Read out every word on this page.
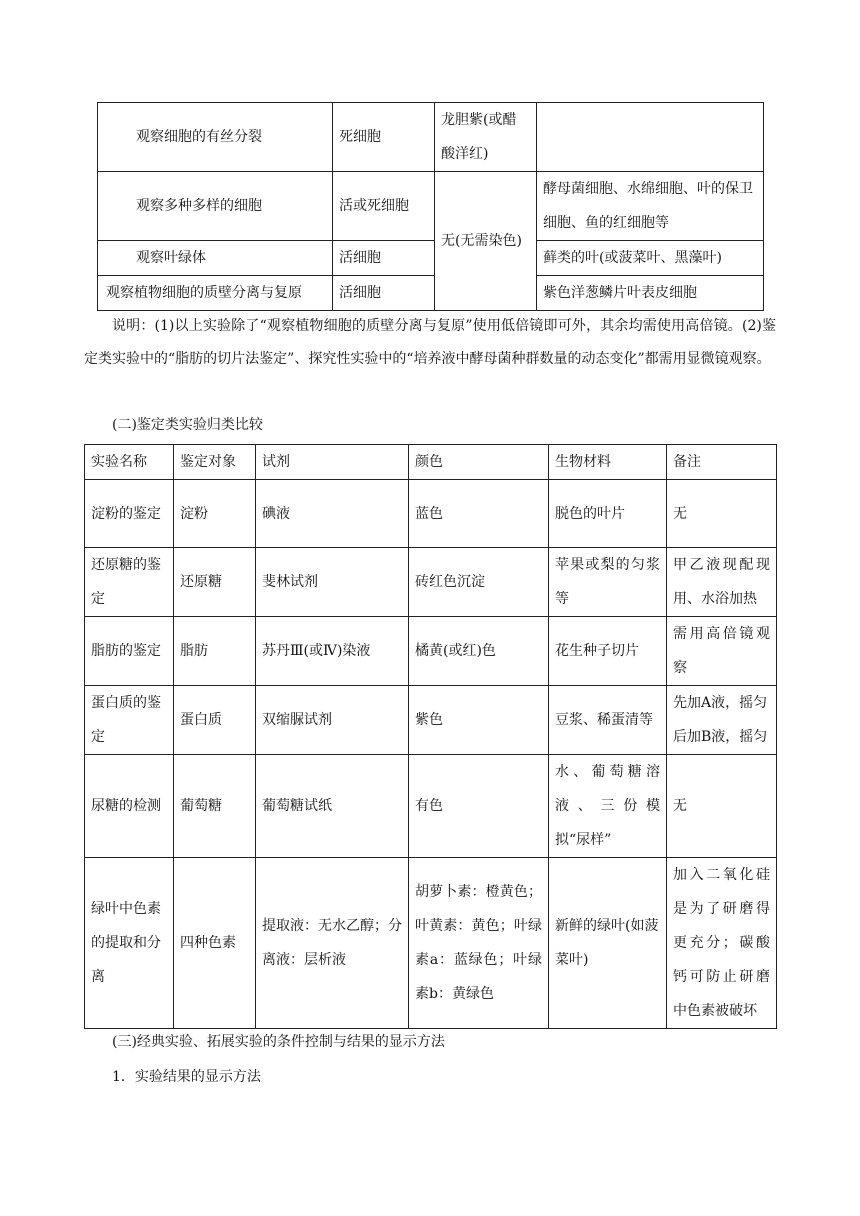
观察细胞的有丝分裂	死细胞	龙胆紫(或醋酸洋红)	
观察多种多样的细胞	活或死细胞	无(无需染色)	酵母菌细胞、水绵细胞、叶的保卫细胞、鱼的红细胞等
观察叶绿体	活细胞		藓类的叶(或菠菜叶、黑藻叶)
观察植物细胞的质壁分离与复原	活细胞		紫色洋葱鳞片叶表皮细胞
说明：(1)以上实验除了“观察植物细胞的质壁分离与复原”使用低倍镜即可外，其余均需使用高倍镜。(2)鉴定类实验中的“脂肪的切片法鉴定”、探究性实验中的“培养液中酵母菌种群数量的动态变化”都需用显微镜观察。
(二)鉴定类实验归类比较
实验名称	鉴定对象	试剂	颜色	生物材料	备注
淀粉的鉴定	淀粉	碘液	蓝色	脱色的叶片	无
还原糖的鉴定	还原糖	斐林试剂	砖红色沉淀	苹果或梨的匀浆等	甲乙液现配现用、水浴加热
脂肪的鉴定	脂肪	苏丹Ⅲ(或Ⅳ)染液	橘黄(或红)色	花生种子切片	需用高倍镜观察
蛋白质的鉴定	蛋白质	双缩脲试剂	紫色	豆浆、稀蛋清等	先加A液，摇匀后加B液，摇匀
尿糖的检测	葡萄糖	葡萄糖试纸	有色	水、葡萄糖溶液、三份模拟“尿样”	无
绿叶中色素的提取和分离	四种色素	提取液：无水乙醇；分离液：层析液	胡萝卜素：橙黄色；叶黄素：黄色；叶绿素a：蓝绿色；叶绿素b：黄绿色	新鲜的绿叶(如菠菜叶)	加入二氧化硅是为了研磨得更充分；碳酸钙可防止研磨中色素被破坏
(三)经典实验、拓展实验的条件控制与结果的显示方法
1．实验结果的显示方法
